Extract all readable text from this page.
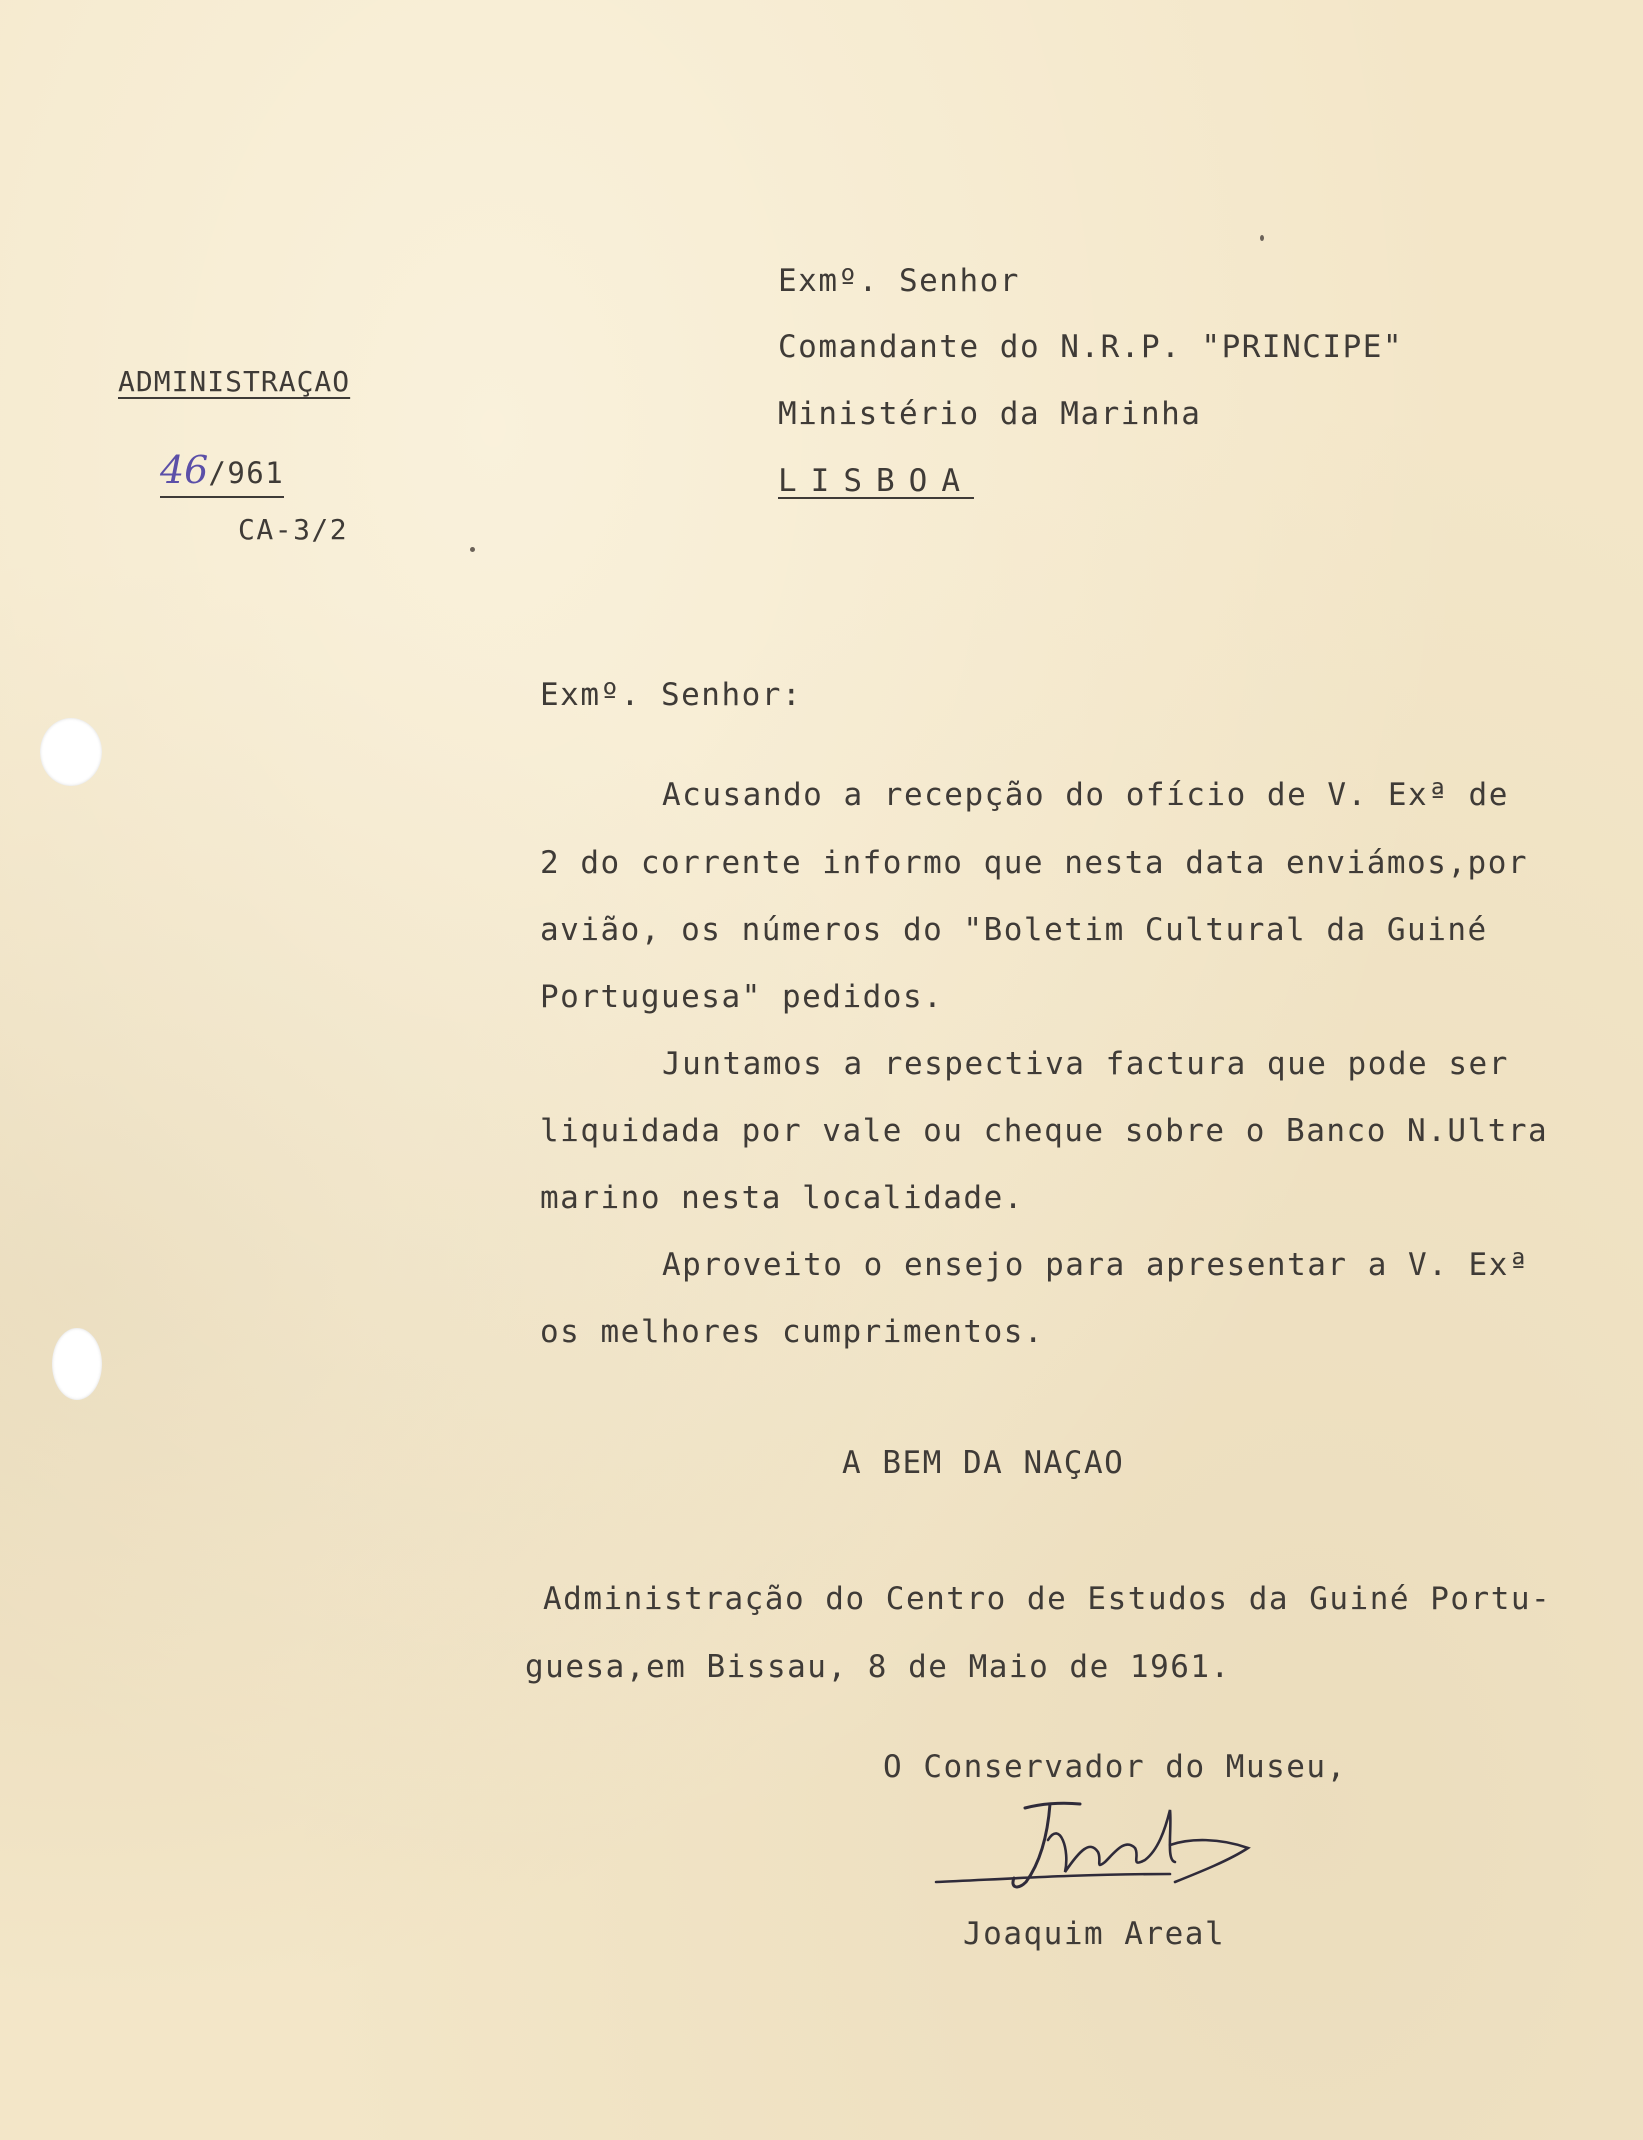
ADMINISTRAÇAO
46/961
CA-3/2
Exmº. Senhor
Comandante do N.R.P. "PRINCIPE"
Ministério da Marinha
LISBOA
Exmº. Senhor:
Acusando a recepção do ofício de V. Exª de
2 do corrente informo que nesta data enviámos,por
avião, os números do "Boletim Cultural da Guiné
Portuguesa" pedidos.
Juntamos a respectiva factura que pode ser
liquidada por vale ou cheque sobre o Banco N.Ultra
marino nesta localidade.
Aproveito o ensejo para apresentar a V. Exª
os melhores cumprimentos.
A BEM DA NAÇAO
Administração do Centro de Estudos da Guiné Portu-
guesa,em Bissau, 8 de Maio de 1961.
O Conservador do Museu,
Joaquim Areal
